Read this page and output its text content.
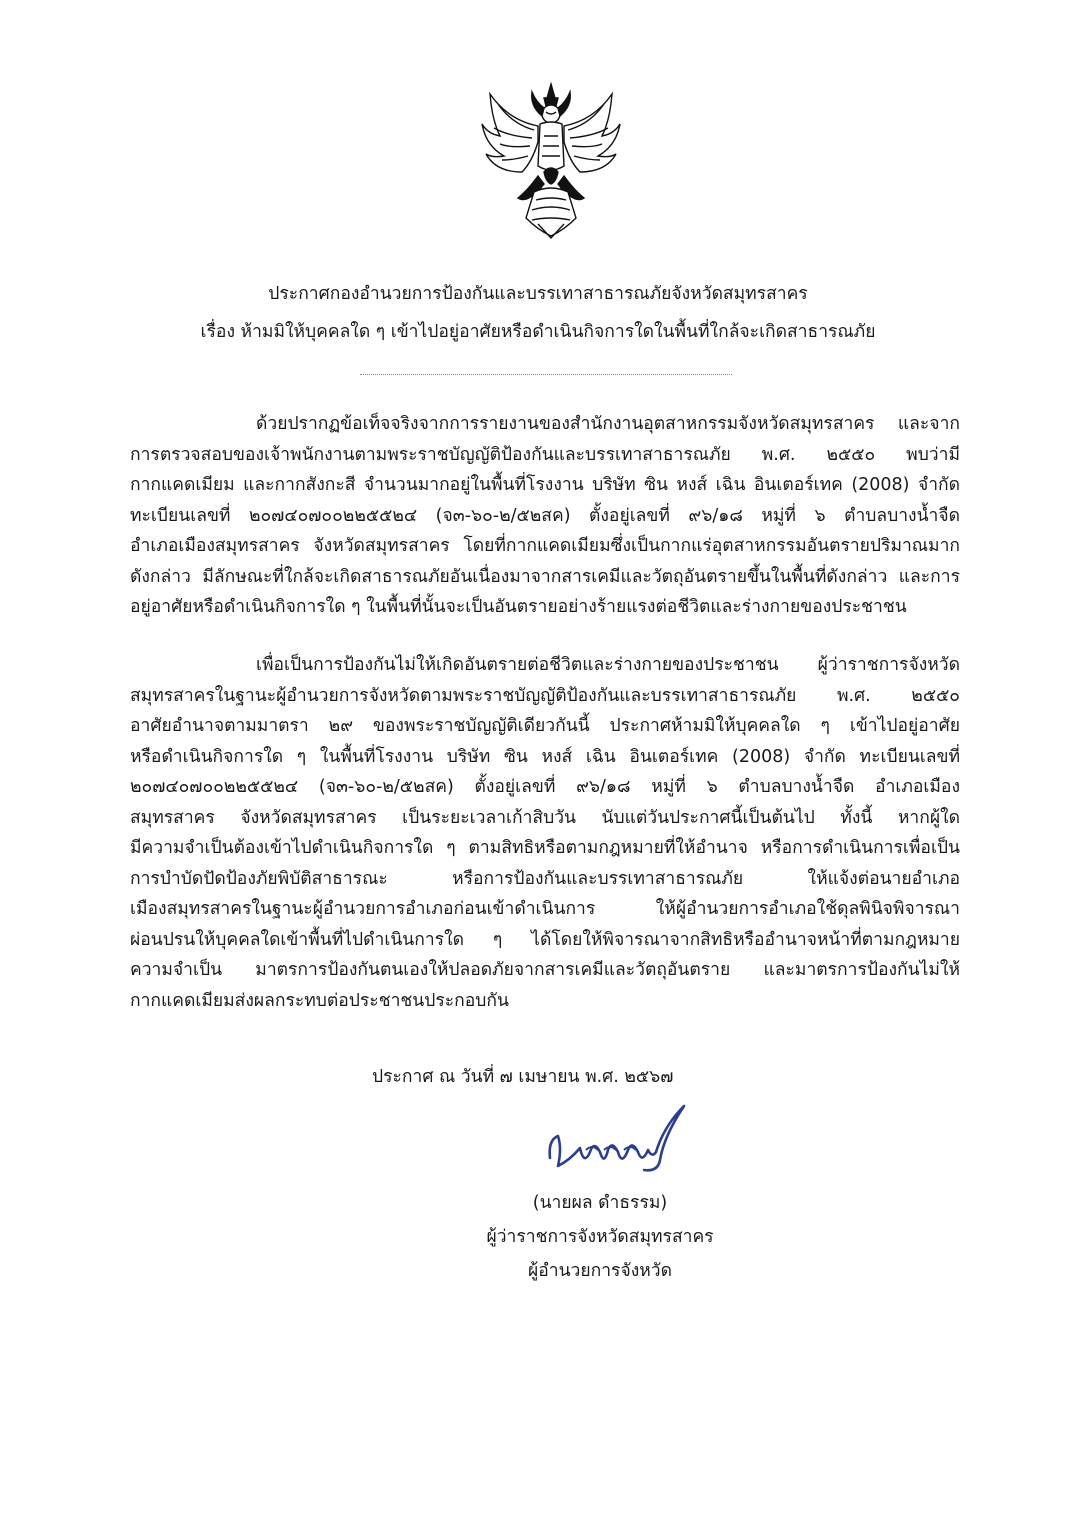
ประกาศกองอำนวยการป้องกันและบรรเทาสาธารณภัยจังหวัดสมุทรสาคร
เรื่อง ห้ามมิให้บุคคลใด ๆ เข้าไปอยู่อาศัยหรือดำเนินกิจการใดในพื้นที่ใกล้จะเกิดสาธารณภัย
ด้วยปรากฏข้อเท็จจริงจากการรายงานของสำนักงานอุตสาหกรรมจังหวัดสมุทรสาคร และจาก
การตรวจสอบของเจ้าพนักงานตามพระราชบัญญัติป้องกันและบรรเทาสาธารณภัย พ.ศ. ๒๕๕๐ พบว่ามี
กากแคดเมียม และกากสังกะสี จำนวนมากอยู่ในพื้นที่โรงงาน บริษัท ซิน หงส์ เฉิน อินเตอร์เทค (2008) จำกัด
ทะเบียนเลขที่ ๒๐๗๔๐๗๐๐๒๒๕๕๒๔ (จ๓-๖๐-๒/๕๒สค) ตั้งอยู่เลขที่ ๙๖/๑๘ หมู่ที่ ๖ ตำบลบางน้ำจืด
อำเภอเมืองสมุทรสาคร จังหวัดสมุทรสาคร โดยที่กากแคดเมียมซึ่งเป็นกากแร่อุตสาหกรรมอันตรายปริมาณมาก
ดังกล่าว มีลักษณะที่ใกล้จะเกิดสาธารณภัยอันเนื่องมาจากสารเคมีและวัตถุอันตรายขึ้นในพื้นที่ดังกล่าว และการ
อยู่อาศัยหรือดำเนินกิจการใด ๆ ในพื้นที่นั้นจะเป็นอันตรายอย่างร้ายแรงต่อชีวิตและร่างกายของประชาชน
เพื่อเป็นการป้องกันไม่ให้เกิดอันตรายต่อชีวิตและร่างกายของประชาชน ผู้ว่าราชการจังหวัด
สมุทรสาครในฐานะผู้อำนวยการจังหวัดตามพระราชบัญญัติป้องกันและบรรเทาสาธารณภัย พ.ศ. ๒๕๕๐
อาศัยอำนาจตามมาตรา ๒๙ ของพระราชบัญญัติเดียวกันนี้ ประกาศห้ามมิให้บุคคลใด ๆ เข้าไปอยู่อาศัย
หรือดำเนินกิจการใด ๆ ในพื้นที่โรงงาน บริษัท ซิน หงส์ เฉิน อินเตอร์เทค (2008) จำกัด ทะเบียนเลขที่
๒๐๗๔๐๗๐๐๒๒๕๕๒๔ (จ๓-๖๐-๒/๕๒สค) ตั้งอยู่เลขที่ ๙๖/๑๘ หมู่ที่ ๖ ตำบลบางน้ำจืด อำเภอเมือง
สมุทรสาคร จังหวัดสมุทรสาคร เป็นระยะเวลาเก้าสิบวัน นับแต่วันประกาศนี้เป็นต้นไป ทั้งนี้ หากผู้ใด
มีความจำเป็นต้องเข้าไปดำเนินกิจการใด ๆ ตามสิทธิหรือตามกฎหมายที่ให้อำนาจ หรือการดำเนินการเพื่อเป็น
การบำบัดปัดป้องภัยพิบัติสาธารณะ หรือการป้องกันและบรรเทาสาธารณภัย ให้แจ้งต่อนายอำเภอ
เมืองสมุทรสาครในฐานะผู้อำนวยการอำเภอก่อนเข้าดำเนินการ ให้ผู้อำนวยการอำเภอใช้ดุลพินิจพิจารณา
ผ่อนปรนให้บุคคลใดเข้าพื้นที่ไปดำเนินการใด ๆ ได้โดยให้พิจารณาจากสิทธิหรืออำนาจหน้าที่ตามกฎหมาย
ความจำเป็น มาตรการป้องกันตนเองให้ปลอดภัยจากสารเคมีและวัตถุอันตราย และมาตรการป้องกันไม่ให้
กากแคดเมียมส่งผลกระทบต่อประชาชนประกอบกัน
ประกาศ ณ วันที่ ๗ เมษายน พ.ศ. ๒๕๖๗
(นายผล ดำธรรม)
ผู้ว่าราชการจังหวัดสมุทรสาคร
ผู้อำนวยการจังหวัด
